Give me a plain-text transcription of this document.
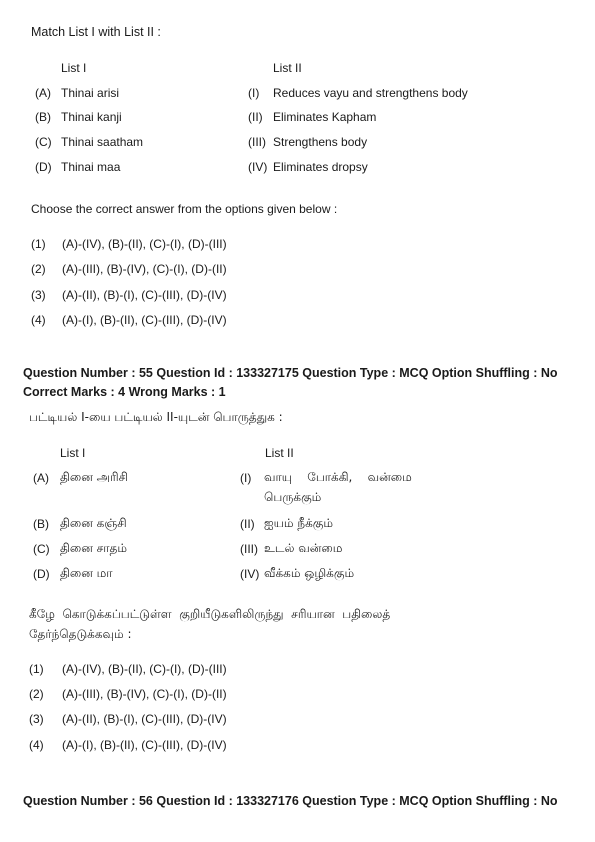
Match List I with List II :
List I	List II
(A) Thinai arisi	(I) Reduces vayu and strengthens body
(B) Thinai kanji	(II) Eliminates Kapham
(C) Thinai saatham	(III) Strengthens body
(D) Thinai maa	(IV) Eliminates dropsy
Choose the correct answer from the options given below :
(1) (A)-(IV), (B)-(II), (C)-(I), (D)-(III)
(2) (A)-(III), (B)-(IV), (C)-(I), (D)-(II)
(3) (A)-(II), (B)-(I), (C)-(III), (D)-(IV)
(4) (A)-(I), (B)-(II), (C)-(III), (D)-(IV)
Question Number : 55 Question Id : 133327175 Question Type : MCQ Option Shuffling : No
Correct Marks : 4 Wrong Marks : 1
பட்டியல் I-யை பட்டியல் II-யுடன் பொருத்துக :
List I	List II
(A) தினை அரிசி	(I) வாயு    போக்கி,    வன்மை
பெருக்கும்
(B) தினை கஞ்சி	(II) ஐயம் நீக்கும்
(C) தினை சாதம்	(III) உடல் வன்மை
(D) தினை மா	(IV) வீக்கம் ஒழிக்கும்
கீழே  கொடுக்கப்பட்டுள்ள  குறியீடுகளிலிருந்து  சரியான  பதிலைத்
தேர்ந்தெடுக்கவும் :
(1) (A)-(IV), (B)-(II), (C)-(I), (D)-(III)
(2) (A)-(III), (B)-(IV), (C)-(I), (D)-(II)
(3) (A)-(II), (B)-(I), (C)-(III), (D)-(IV)
(4) (A)-(I), (B)-(II), (C)-(III), (D)-(IV)
Question Number : 56 Question Id : 133327176 Question Type : MCQ Option Shuffling : No
